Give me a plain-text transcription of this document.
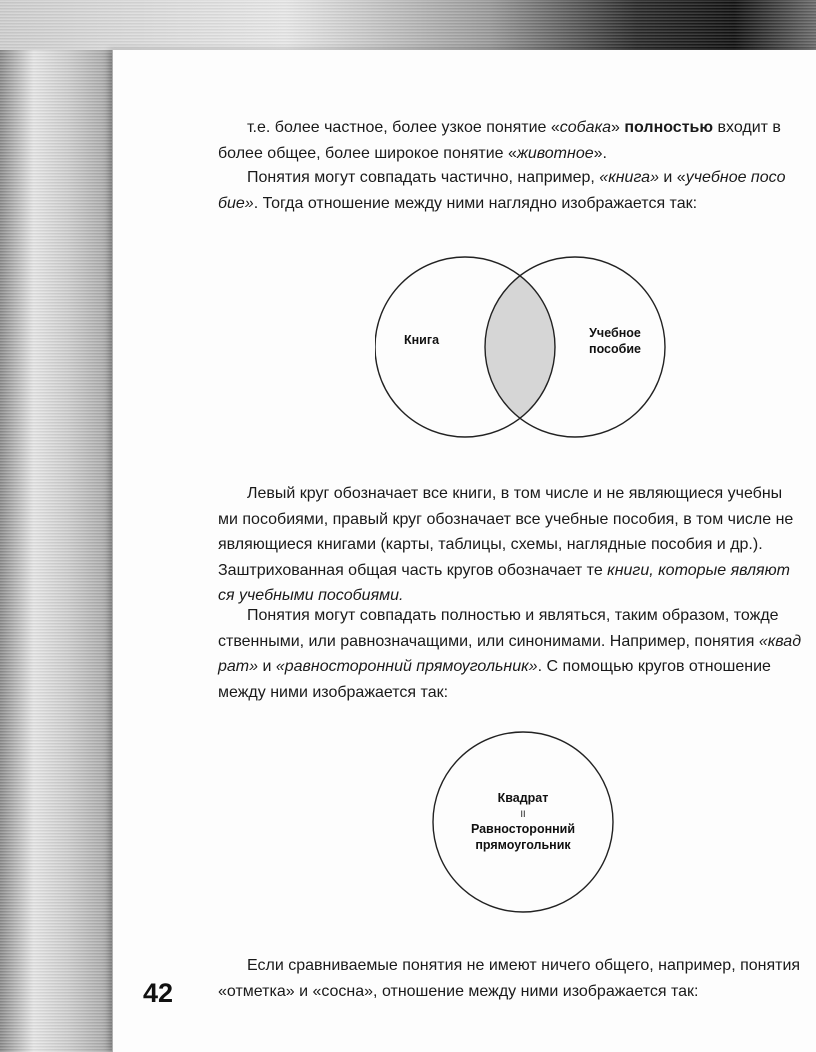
т.е. более частное, более узкое понятие «собака» полностью входит в
более общее, более широкое понятие «животное».

Понятия могут совпадать частично, например, «книга» и «учебное посо
бие». Тогда отношение между ними наглядно изображается так:

Книга	Учебное
пособие

Левый круг обозначает все книги, в том числе и не являющиеся учебны
ми пособиями, правый круг обозначает все учебные пособия, в том числе не
являющиеся книгами (карты, таблицы, схемы, наглядные пособия и др.).
Заштрихованная общая часть кругов обозначает те книги, которые являют
ся учебными пособиями.

Понятия могут совпадать полностью и являться, таким образом, тожде
ственными, или равнозначащими, или синонимами. Например, понятия «квад
рат» и «равносторонний прямоугольник». С помощью кругов отношение
между ними изображается так:

Квадрат
II
Равносторонний
прямоугольник

Если сравниваемые понятия не имеют ничего общего, например, понятия
«отметка» и «сосна», отношение между ними изображается так:

42
